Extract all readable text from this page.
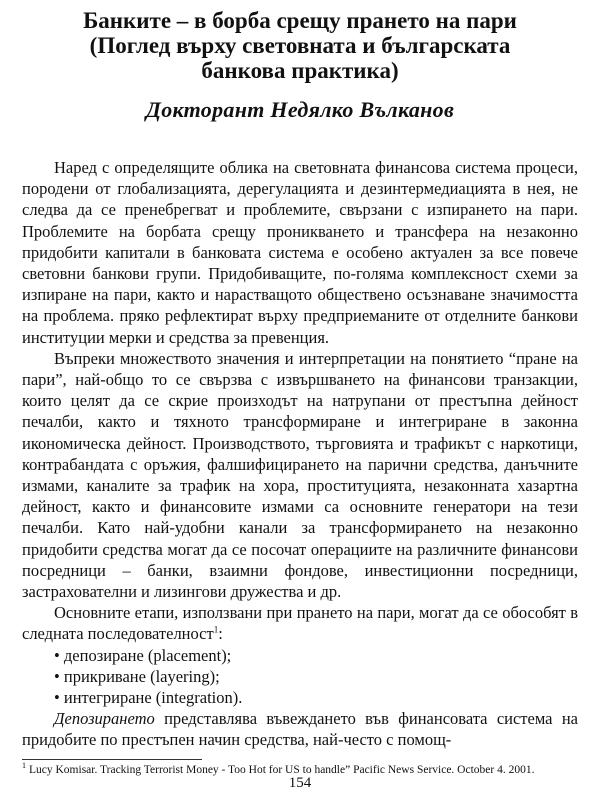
Банките – в борба срещу прането на пари
(Поглед върху световната и българската
банкова практика)
Докторант Недялко Вълканов

Наред с определящите облика на световната финансова система процеси, породени от глобализацията, дерегулацията и дезинтермедиацията в нея, не следва да се пренебрегват и проблемите, свързани с изпирането на пари. Проблемите на борбата срещу проникването и трансфера на незаконно придобити капитали в банковата система е особено актуален за все повече световни банкови групи. Придобиващите, по-голяма комплексност схеми за изпиране на пари, както и нарастващото обществено осъзнаване значимостта на проблема. пряко рефлектират върху предприеманите от отделните банкови институции мерки и средства за превенция.

Въпреки множеството значения и интерпретации на понятието “пране на пари”, най-общо то се свързва с извършването на финансови транзакции, които целят да се скрие произходът на натрупани от престъпна дейност печалби, както и тяхното трансформиране и интегриране в законна икономическа дейност. Производството, търговията и трафикът с наркотици, контрабандата с оръжия, фалшифицирането на парични средства, данъчните измами, каналите за трафик на хора, проституцията, незаконната хазартна дейност, както и финансовите измами са основните генератори на тези печалби. Като най-удобни канали за трансформирането на незаконно придобити средства могат да се посочат операциите на различните финансови посредници – банки, взаимни фондове, инвестиционни посредници, застрахователни и лизингови дружества и др.

Основните етапи, използвани при прането на пари, могат да се обособят в следната последователност$^1$:

• депозиране (placement);

• прикриване (layering);

• интегриране (integration).

Депозирането представлява въвеждането във финансовата система на придобите по престъпен начин средства, най-често с помощ-

$^1$ Lucy Komisar. Tracking Terrorist Money - Too Hot for US to handle” Pacific News Service. October 4. 2001.

154
